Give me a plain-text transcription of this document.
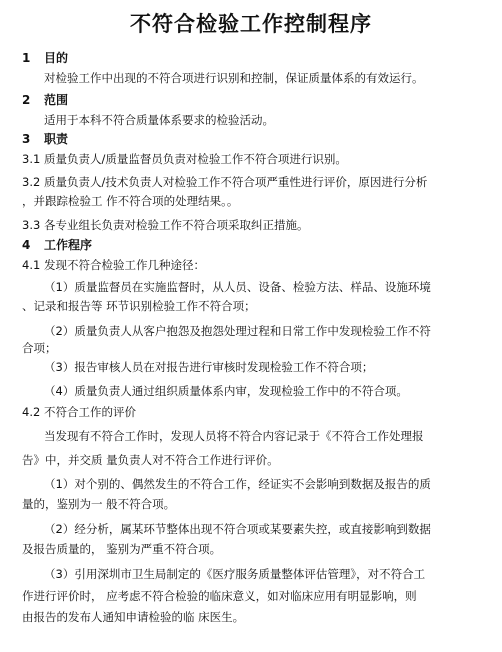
不符合检验工作控制程序
1 目的
对检验工作中出现的不符合项进行识别和控制，保证质量体系的有效运行。
2 范围
适用于本科不符合质量体系要求的检验活动。
3 职责
3.1 质量负责人/质量监督员负责对检验工作不符合项进行识别。
3.2 质量负责人/技术负责人对检验工作不符合项严重性进行评价，原因进行分析
，并跟踪检验工 作不符合项的处理结果。。
3.3 各专业组长负责对检验工作不符合项采取纠正措施。
4 工作程序
4.1 发现不符合检验工作几种途径：
（1）质量监督员在实施监督时，从人员、设备、检验方法、样品、设施环境
、记录和报告等 环节识别检验工作不符合项；
（2）质量负责人从客户抱怨及抱怨处理过程和日常工作中发现检验工作不符
合项；
（3）报告审核人员在对报告进行审核时发现检验工作不符合项；
（4）质量负责人通过组织质量体系内审，发现检验工作中的不符合项。
4.2 不符合工作的评价
当发现有不符合工作时，发现人员将不符合内容记录于《不符合工作处理报
告》中，并交质 量负责人对不符合工作进行评价。
（1）对个别的、偶然发生的不符合工作，经证实不会影响到数据及报告的质
量的，鉴别为一 般不符合项。
（2）经分析，属某环节整体出现不符合项或某要素失控，或直接影响到数据
及报告质量的， 鉴别为严重不符合项。
（3）引用深圳市卫生局制定的《医疗服务质量整体评估管理》，对不符合工
作进行评价时， 应考虑不符合检验的临床意义，如对临床应用有明显影响，则
由报告的发布人通知申请检验的临 床医生。
